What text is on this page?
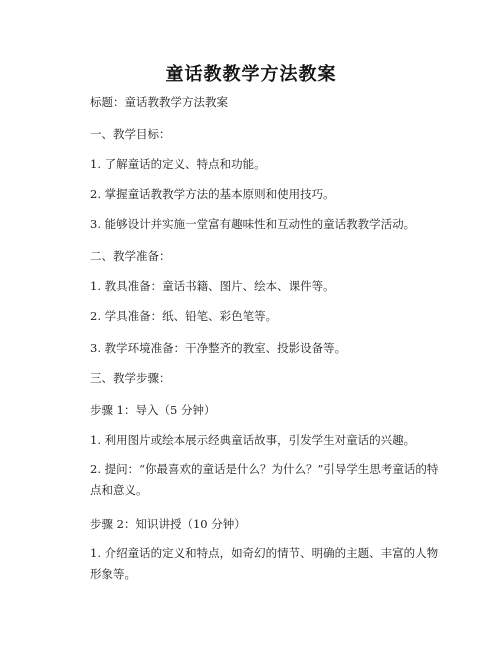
童话教教学方法教案
标题：童话教教学方法教案
一、教学目标：
1. 了解童话的定义、特点和功能。
2. 掌握童话教教学方法的基本原则和使用技巧。
3. 能够设计并实施一堂富有趣味性和互动性的童话教教学活动。
二、教学准备：
1. 教具准备：童话书籍、图片、绘本、课件等。
2. 学具准备：纸、铅笔、彩色笔等。
3. 教学环境准备：干净整齐的教室、投影设备等。
三、教学步骤：
步骤 1：导入（5 分钟）
1. 利用图片或绘本展示经典童话故事，引发学生对童话的兴趣。
2. 提问：“你最喜欢的童话是什么？为什么？”引导学生思考童话的特点和意义。
步骤 2：知识讲授（10 分钟）
1. 介绍童话的定义和特点，如奇幻的情节、明确的主题、丰富的人物形象等。
